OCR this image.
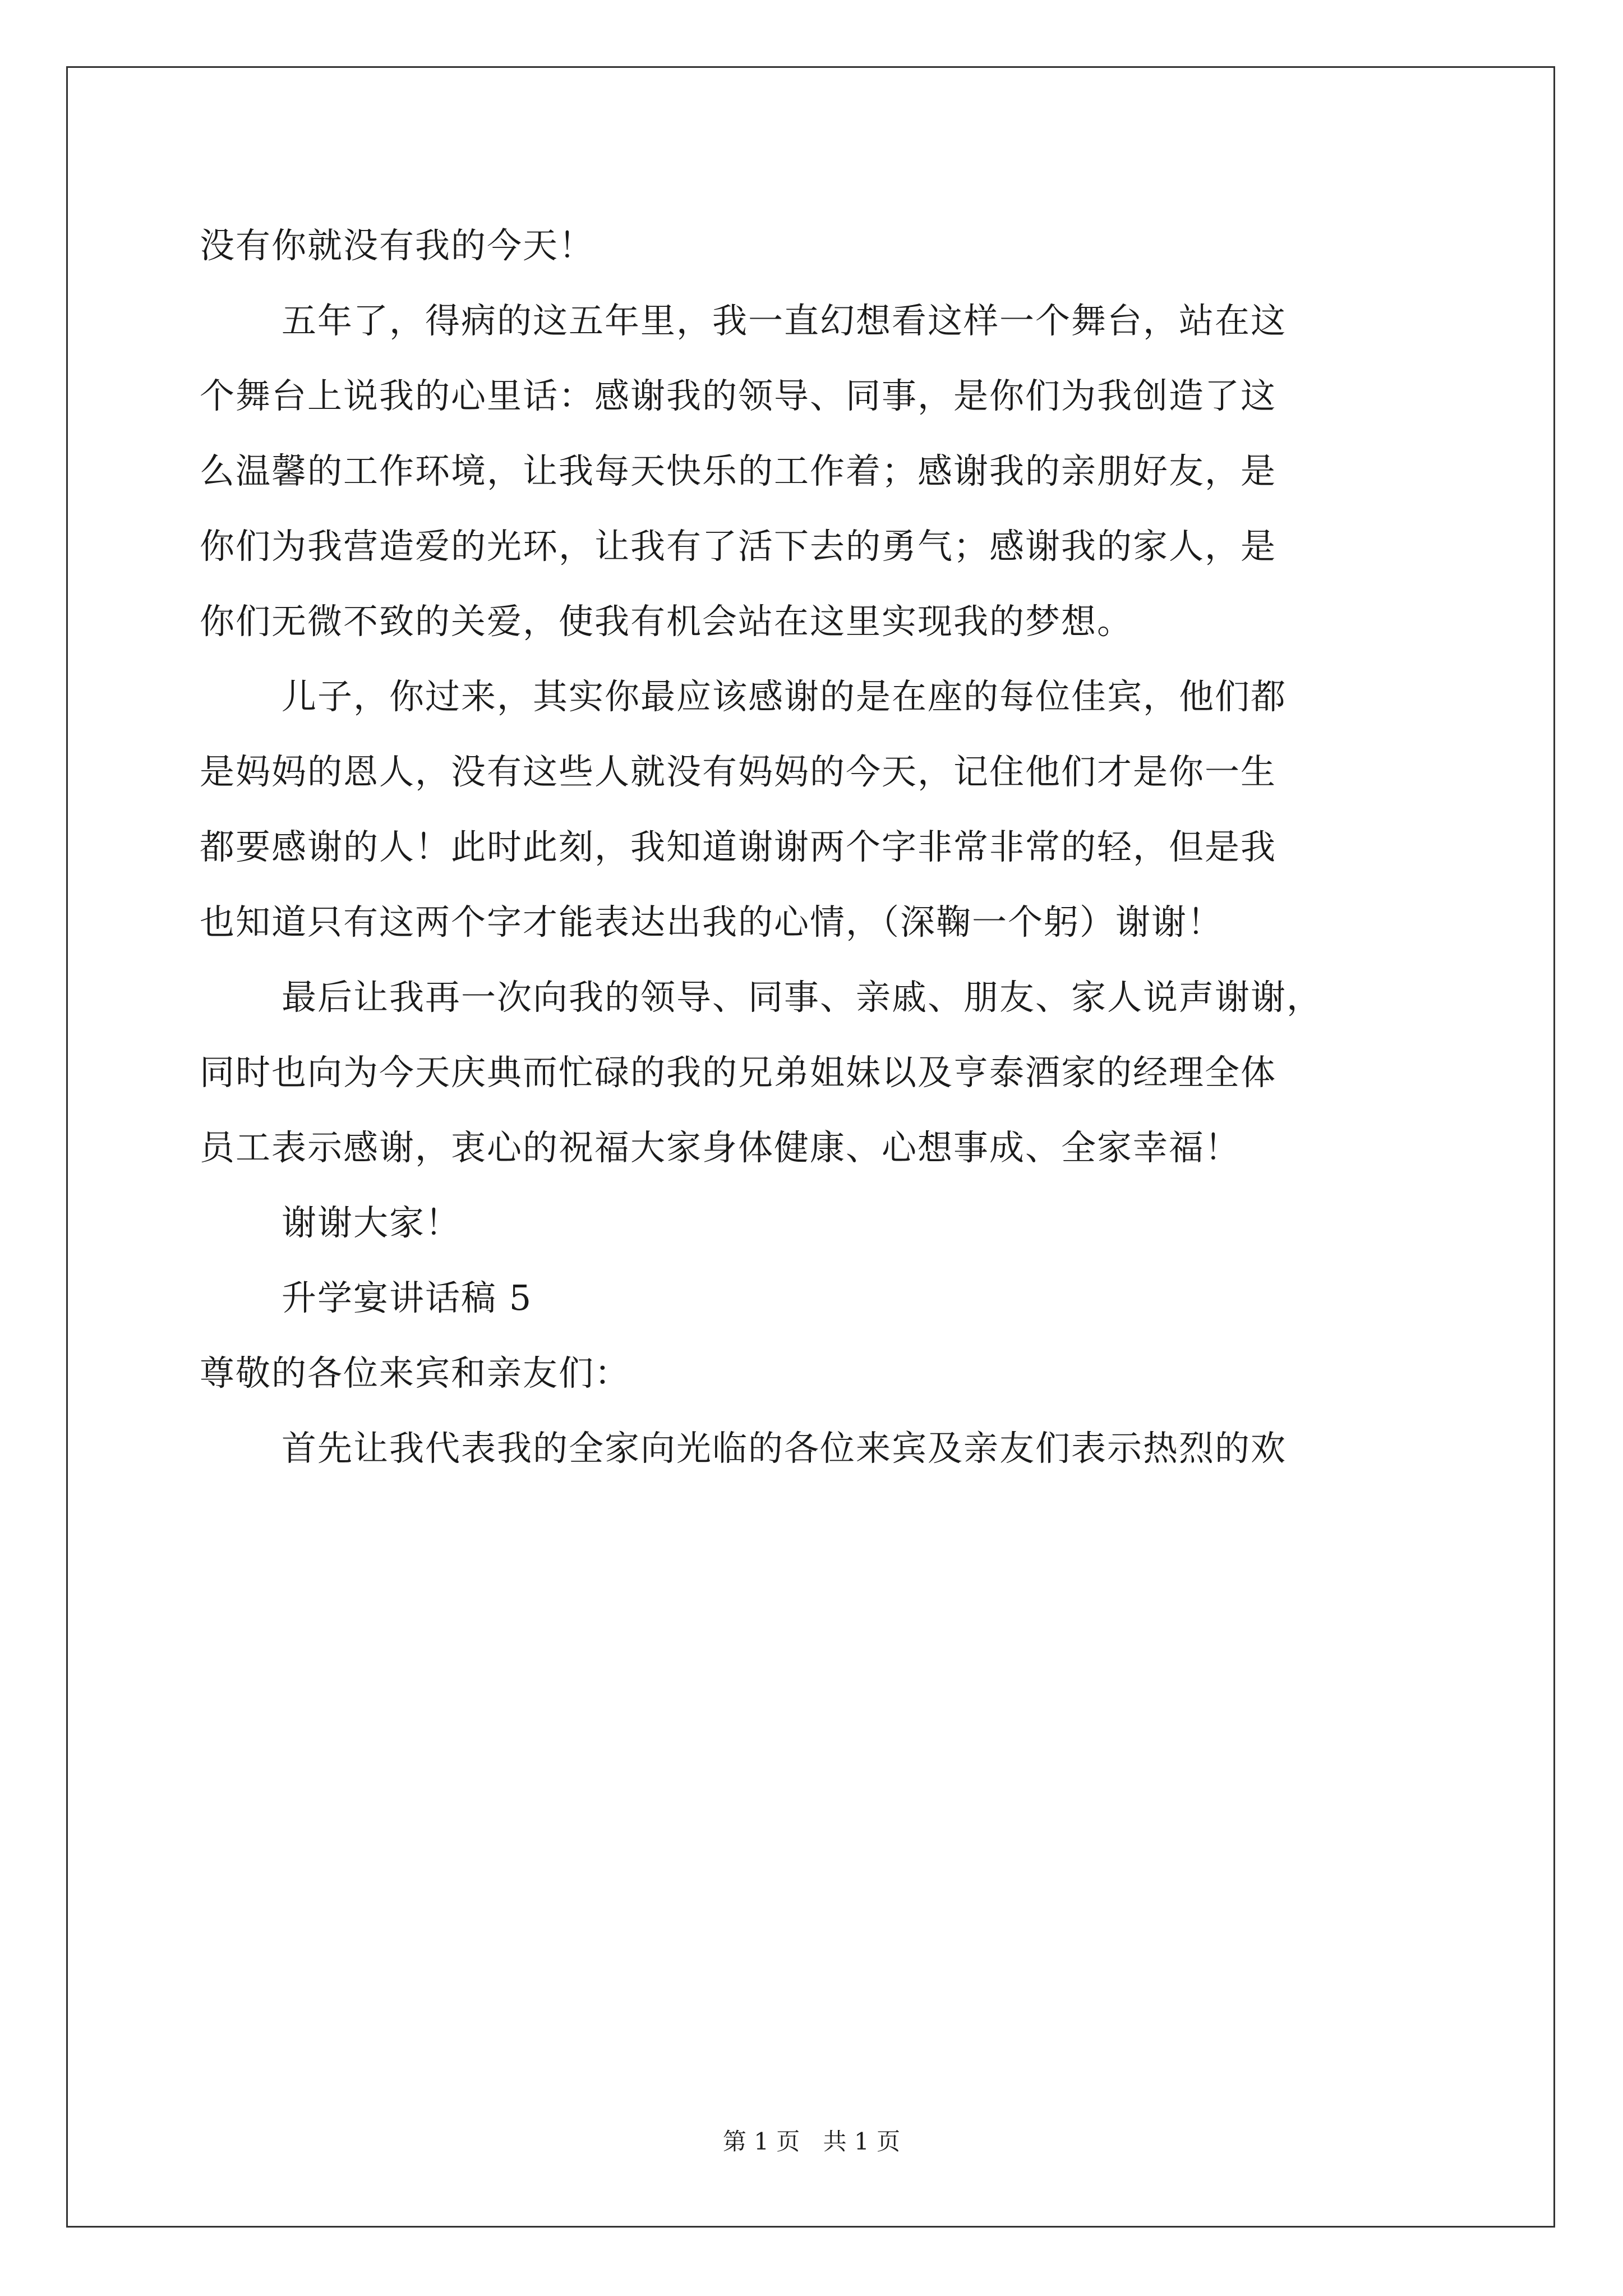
没有你就没有我的今天！
五年了，得病的这五年里，我一直幻想看这样一个舞台，站在这
个舞台上说我的心里话：感谢我的领导、同事，是你们为我创造了这
么温馨的工作环境，让我每天快乐的工作着；感谢我的亲朋好友，是
你们为我营造爱的光环，让我有了活下去的勇气；感谢我的家人，是
你们无微不致的关爱，使我有机会站在这里实现我的梦想。
儿子，你过来，其实你最应该感谢的是在座的每位佳宾，他们都
是妈妈的恩人，没有这些人就没有妈妈的今天，记住他们才是你一生
都要感谢的人！此时此刻，我知道谢谢两个字非常非常的轻，但是我
也知道只有这两个字才能表达出我的心情，（深鞠一个躬）谢谢！
最后让我再一次向我的领导、同事、亲戚、朋友、家人说声谢谢，
同时也向为今天庆典而忙碌的我的兄弟姐妹以及亨泰酒家的经理全体
员工表示感谢，衷心的祝福大家身体健康、心想事成、全家幸福！
谢谢大家！
升学宴讲话稿 5
尊敬的各位来宾和亲友们：
首先让我代表我的全家向光临的各位来宾及亲友们表示热烈的欢
第 1 页 共 1 页
